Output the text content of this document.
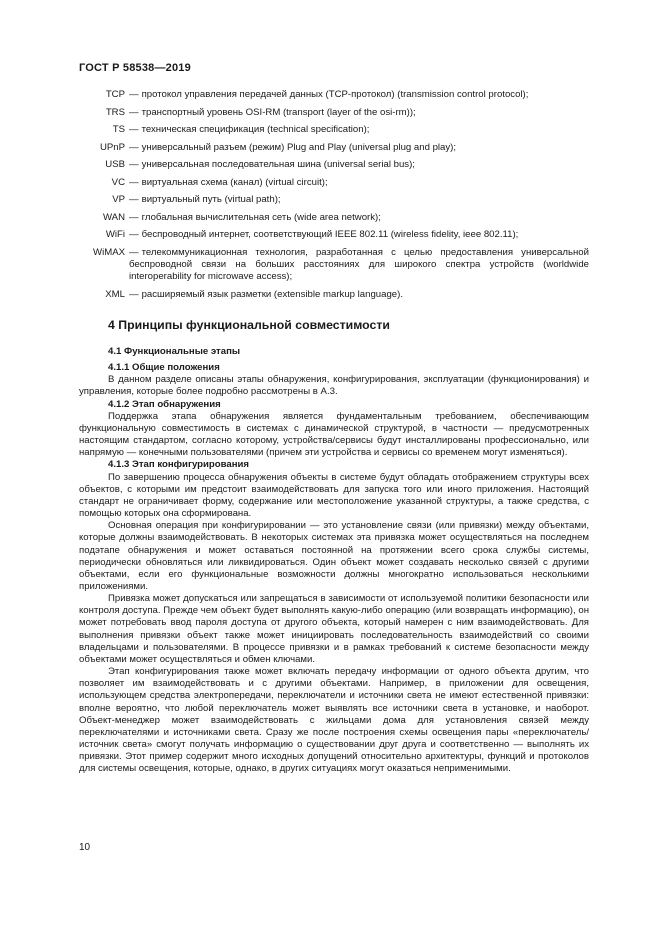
ГОСТ Р 58538—2019
TCP — протокол управления передачей данных (TCP-протокол) (transmission control protocol);
TRS — транспортный уровень OSI-RM (transport (layer of the osi-rm));
TS — техническая спецификация (technical specification);
UPnP — универсальный разъем (режим) Plug and Play (universal plug and play);
USB — универсальная последовательная шина (universal serial bus);
VC — виртуальная схема (канал) (virtual circuit);
VP — виртуальный путь (virtual path);
WAN — глобальная вычислительная сеть (wide area network);
WiFi — беспроводный интернет, соответствующий IEEE 802.11 (wireless fidelity, ieee 802.11);
WiMAX — телекоммуникационная технология, разработанная с целью предоставления универсальной беспроводной связи на больших расстояниях для широкого спектра устройств (worldwide interoperability for microwave access);
XML — расширяемый язык разметки (extensible markup language).
4 Принципы функциональной совместимости
4.1 Функциональные этапы
4.1.1 Общие положения

В данном разделе описаны этапы обнаружения, конфигурирования, эксплуатации (функционирования) и управления, которые более подробно рассмотрены в А.3.

4.1.2 Этап обнаружения

Поддержка этапа обнаружения является фундаментальным требованием, обеспечивающим функциональную совместимость в системах с динамической структурой, в частности — предусмотренных настоящим стандартом, согласно которому, устройства/сервисы будут инсталлированы профессионально, или напрямую — конечными пользователями (причем эти устройства и сервисы со временем могут изменяться).

4.1.3 Этап конфигурирования

По завершению процесса обнаружения объекты в системе будут обладать отображением структуры всех объектов, с которыми им предстоит взаимодействовать для запуска того или иного приложения. Настоящий стандарт не ограничивает форму, содержание или местоположение указанной структуры, а также средства, с помощью которых она сформирована.

Основная операция при конфигурировании — это установление связи (или привязки) между объектами, которые должны взаимодействовать. В некоторых системах эта привязка может осуществляться на последнем подэтапе обнаружения и может оставаться постоянной на протяжении всего срока службы системы, периодически обновляться или ликвидироваться. Один объект может создавать несколько связей с другими объектами, если его функциональные возможности должны многократно использоваться несколькими приложениями.

Привязка может допускаться или запрещаться в зависимости от используемой политики безопасности или контроля доступа. Прежде чем объект будет выполнять какую-либо операцию (или возвращать информацию), он может потребовать ввод пароля доступа от другого объекта, который намерен с ним взаимодействовать. Для выполнения привязки объект также может инициировать последовательность взаимодействий со своими владельцами и пользователями. В процессе привязки и в рамках требований к системе безопасности между объектами может осуществляться и обмен ключами.

Этап конфигурирования также может включать передачу информации от одного объекта другим, что позволяет им взаимодействовать и с другими объектами. Например, в приложении для освещения, использующем средства электропередачи, переключатели и источники света не имеют естественной привязки: вполне вероятно, что любой переключатель может выявлять все источники света в установке, и наоборот. Объект-менеджер может взаимодействовать с жильцами дома для установления связей между переключателями и источниками света. Сразу же после построения схемы освещения пары «переключатель/источник света» смогут получать информацию о существовании друг друга и соответственно — выполнять их привязки. Этот пример содержит много исходных допущений относительно архитектуры, функций и протоколов для системы освещения, которые, однако, в других ситуациях могут оказаться неприменимыми.

10
